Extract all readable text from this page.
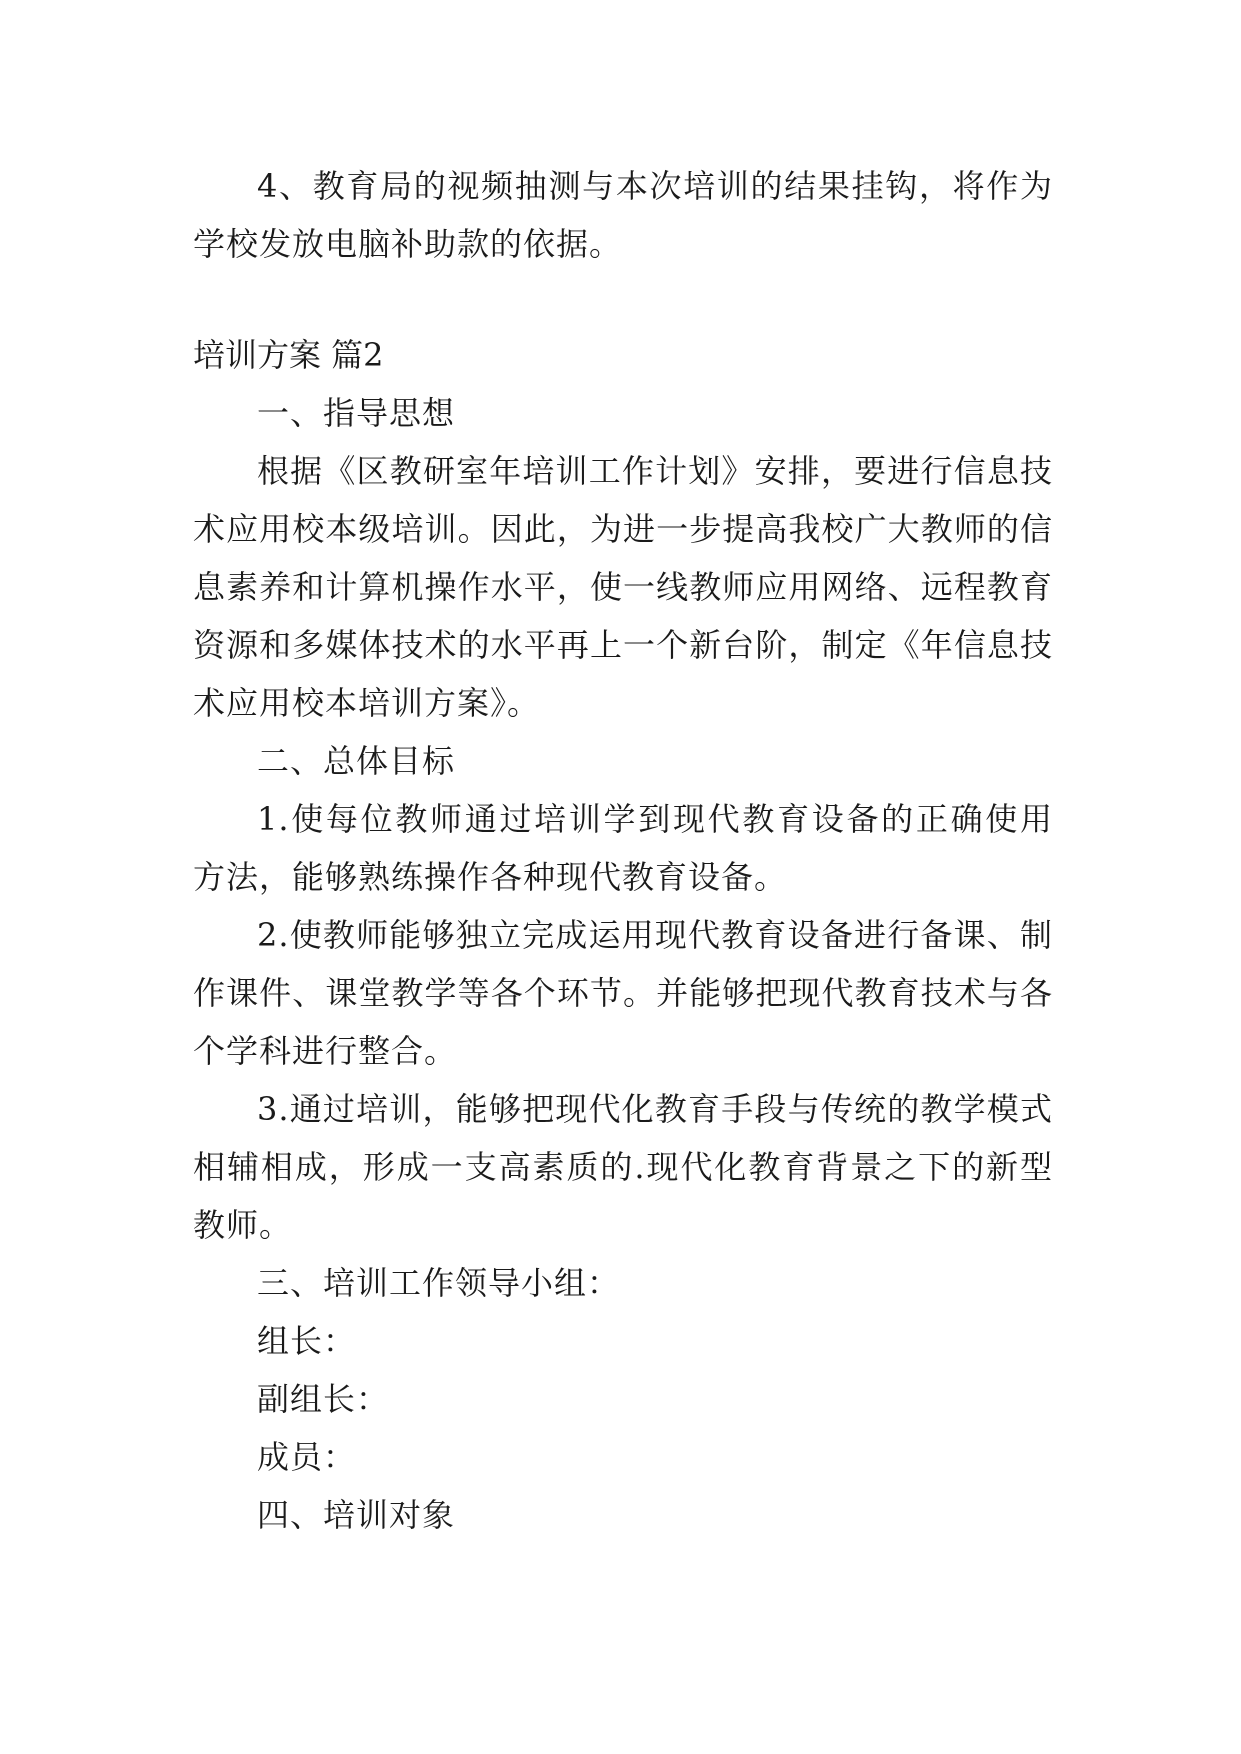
4、教育局的视频抽测与本次培训的结果挂钩，将作为
学校发放电脑补助款的依据。
培训方案 篇2
一、指导思想
根据《区教研室年培训工作计划》安排，要进行信息技
术应用校本级培训。因此，为进一步提高我校广大教师的信
息素养和计算机操作水平，使一线教师应用网络、远程教育
资源和多媒体技术的水平再上一个新台阶，制定《年信息技
术应用校本培训方案》。
二、总体目标
1.使每位教师通过培训学到现代教育设备的正确使用
方法，能够熟练操作各种现代教育设备。
2.使教师能够独立完成运用现代教育设备进行备课、制
作课件、课堂教学等各个环节。并能够把现代教育技术与各
个学科进行整合。
3.通过培训，能够把现代化教育手段与传统的教学模式
相辅相成，形成一支高素质的.现代化教育背景之下的新型
教师。
三、培训工作领导小组：
组长：
副组长：
成员：
四、培训对象
